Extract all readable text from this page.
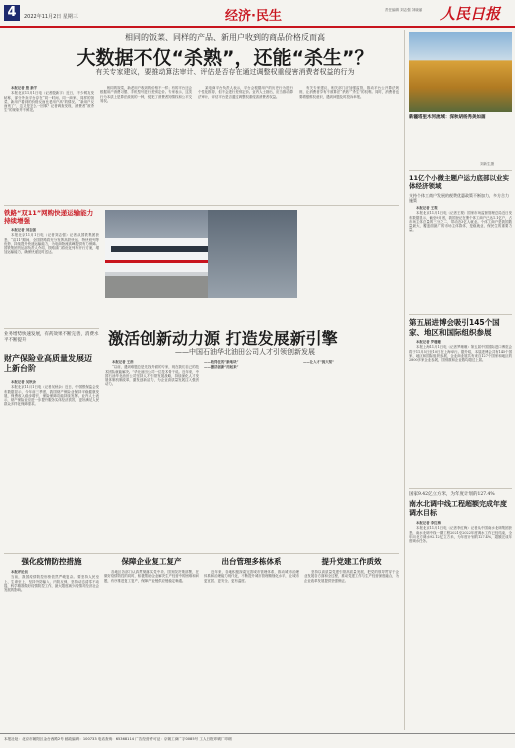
4	2022年11月2日 星期三	经济·民生	责任编辑 刘志强 刘晓丽 人民日报
相同的饭菜、同样的产品、新用户收到的商品价格反而高
大数据不仅“杀熟”，还能“杀生”？
有关专家建议，要推动算法审计、评估是否存在通过调整权重侵害消费者权益的行为

本报记者 殷 新宇

本报北京11月1日电（记者殷新宇）近日，不少网友发帖称，部分外卖平台存在“同一时间、同一商家、同样的饭菜，新用户看到的价格反而比老用户高”的情况。“新用户反而贵了”，这又是怎么一回事？记者调查发现，消费者“被杀生”的现象并不鲜见。

相同的饭菜，新老用户收到的价格不一样；有的平台还会根据用户消费习惯、手机型号进行差别定价。专家表示，这类行为本质上是算法歧视的一种，侵犯了消费者知情权和公平交易权。

某电商平台负责人表示，平台会根据用户的历史行为进行个性化推荐，但不会进行差别定价。业内人士指出，应当推动算法审计，评估平台是否通过调整权重侵害消费者权益。

有关专家建议，相关部门应加强监管，推动平台公开算法规则，让消费者享有不被算法“杀熟”“杀生”的权利。同时，消费者也要增强维权意识，遇到问题及时投诉举报。

铁路“双11”网购快递运输能力持续增强

本报记者 刘志强

本报北京11月1日电（记者刘志强）记者从国铁集团获悉，“双11”期间，全国铁路将充分发挥高铁快运、特快班列等优势，持续提升快递运输能力，为电商物流高峰提供有力保障。国铁集团货运部负责人介绍，铁路部门将优化列车开行方案，增加运输能力，确保快递及时送达。

业务增势快速发展，有药效果不断完善，消费水平不断提升
财产保险业高质量发展迈上新台阶

本报记者 吴秋余

本报北京11月1日电（记者吴秋余）近日，中国银保监会发布数据显示，今年前三季度，我国财产保险业保持平稳健康发展，保费收入稳步增长，保险保障功能持续发挥。业内人士表示，财产保险业应进一步提升服务实体经济质效，更好满足人民群众多样化保障需求。

激活创新动力源 打造发展新引擎
——中国石油华北油田公司人才引领创新发展

本报记者 王浩

“以前，遇到难题总是先找外面的专家，现在我们自己的技术团队就能解决。”华北油田公司一位技术骨干说。近年来，中国石油华北油田公司坚持人才引领发展战略，持续深化人才发展体制机制改革，激发创新活力，为企业高质量发展注入强劲动力。

——收得住的“新地块”

——激活创新“用起来”

——让人才“挑大梁”

新疆塔里木河流域：深秋胡杨秀美如画
刘新生摄
11亿个小微主题户运力底部以业实体经济领域
支持个体工商户发展的税费优惠政策不断加力，多方合力施策

本报记者 王观

本报北京11月1日电（记者王观）国家市场监督管理总局近日发布数据显示，截至9月底，我国登记在册个体工商户已达1.1亿户，占市场主体总量的三分之二，带动近3亿人就业。个体工商户是我国数量最大、覆盖面最广的市场主体群体，是稳就业、保民生的重要力量。

第五届进博会吸引145个国家、地区和国际组织参展

本报记者 罗珊珊

本报上海11月1日电（记者罗珊珊）第五届中国国际进口博览会将于11月5日至10日在上海举行。据介绍，本届进博会共有145个国家、地区和国际组织参展，企业商业展共有来自127个国家和地区的2800多家企业参展，国别数和企业数均超过上届。

国家9.42亿立方米，为年度计划的127.4%
南水北调中线工程超额完成年度调水目标

本报记者 李红梅

本报北京11月1日电（记者李红梅）记者从中国南水北调集团获悉，南水北调中线一期工程2021至2022年度调水工作已经结束，全年向北方调水92.12亿立方米，为年度计划的127.4%，超额完成年度调水任务。

强化疫情防控措施

本报评论员

当前，我国疫情防控形势依然严峻复杂。要坚持人民至上、生命至上，坚持外防输入、内防反弹，坚持动态清零不动摇，科学精准做好疫情防控工作，最大限度减少疫情对经济社会发展的影响。

保障企业复工复产

各地区各部门认真贯彻落实党中央、国务院决策部署，在做好疫情防控的同时，积极帮助企业解决生产经营中的困难和问题，有序推进复工复产，保障产业链供应链稳定畅通。

出台管理多栋体系

近年来，各地积极探索完善城市管理体系，推动城市治理体系和治理能力现代化，不断提升城市管理精细化水平，让城市更宜居、更安全、更有温度。

提升党建工作质效

坚持以高质量党建引领高质量发展，把党的领导贯穿于企业发展各方面和全过程，推动党建工作与生产经营深度融合，为企业改革发展提供坚强保证。

本报社址：北京市朝阳区金台西路2号 邮政编码：100733 电话查询：65368114 广告经营许可证：京朝工商广字0085号 工人日报印刷厂印刷
